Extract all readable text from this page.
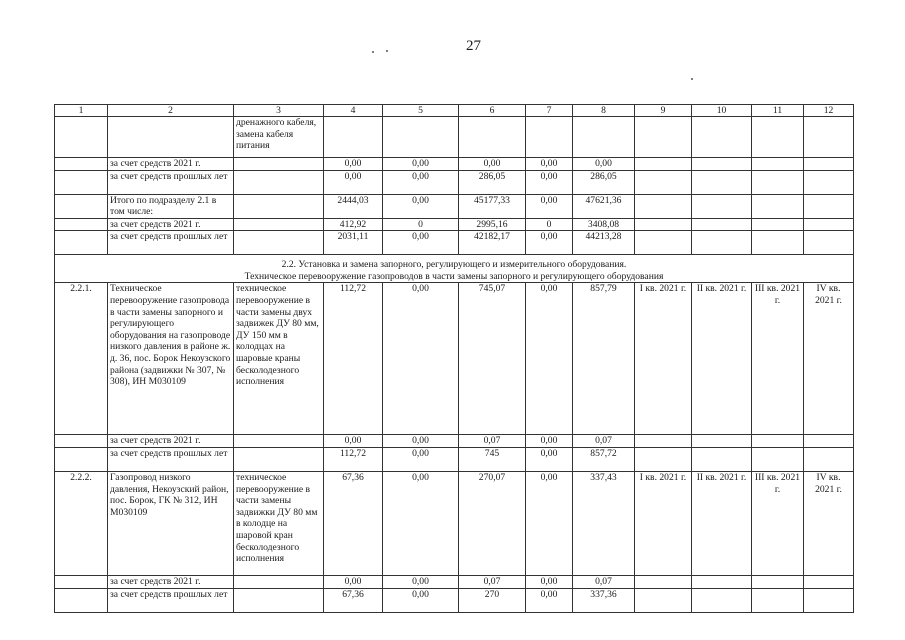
27
1	2	3	4	5	6	7	8	9	10	11	12
		дренажного кабеля, замена кабеля питания									
	за счет средств 2021 г.		0,00	0,00	0,00	0,00	0,00				
	за счет средств прошлых лет		0,00	0,00	286,05	0,00	286,05				
	Итого по подразделу 2.1 в том числе:		2444,03	0,00	45177,33	0,00	47621,36				
	за счет средств 2021 г.		412,92	0	2995,16	0	3408,08				
	за счет средств прошлых лет		2031,11	0,00	42182,17	0,00	44213,28				

2.2. Установка и замена запорного, регулирующего и измерительного оборудования.
Техническое перевооружение газопроводов в части замены запорного и регулирующего оборудования											

2.2.1.	Техническое перевооружение газопровода в части замены запорного и регулирующего оборудования на газопроводе низкого давления в районе ж. д. 36, пос. Борок Некоузского района (задвижки № 307, № 308), ИН М030109	техническое перевооружение в части замены двух задвижек ДУ 80 мм, ДУ 150 мм в колодцах на шаровые краны бесколодезного исполнения	112,72	0,00	745,07	0,00	857,79	I кв. 2021 г.	II кв. 2021 г.	III кв. 2021 г.	IV кв. 2021 г.
	за счет средств 2021 г.		0,00	0,00	0,07	0,00	0,07				
	за счет средств прошлых лет		112,72	0,00	745	0,00	857,72				
2.2.2.	Газопровод низкого давления, Некоузский район, пос. Борок, ГК № 312, ИН М030109	техническое перевооружение в части замены задвижки ДУ 80 мм в колодце на шаровой кран бесколодезного исполнения	67,36	0,00	270,07	0,00	337,43	I кв. 2021 г.	II кв. 2021 г.	III кв. 2021 г.	IV кв. 2021 г.
	за счет средств 2021 г.		0,00	0,00	0,07	0,00	0,07				
	за счет средств прошлых лет		67,36	0,00	270	0,00	337,36				
